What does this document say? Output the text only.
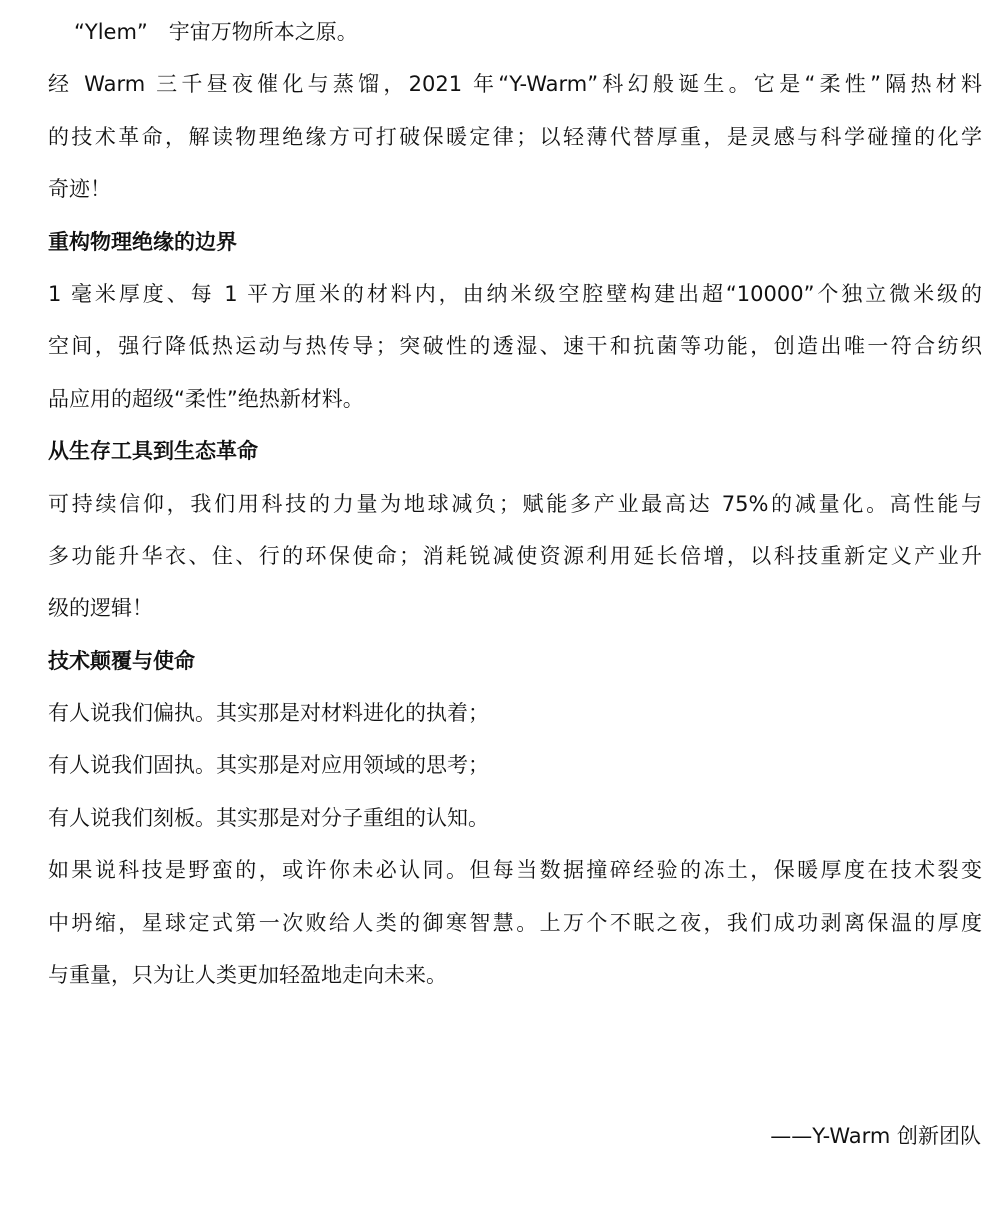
“Ylem”　宇宙万物所本之原。

经 Warm 三千昼夜催化与蒸馏，2021 年“Y-Warm”科幻般诞生。它是“柔性”隔热材料

的技术革命，解读物理绝缘方可打破保暖定律；以轻薄代替厚重，是灵感与科学碰撞的化学

奇迹！

重构物理绝缘的边界

1 毫米厚度、每 1 平方厘米的材料内，由纳米级空腔壁构建出超“10000”个独立微米级的

空间，强行降低热运动与热传导；突破性的透湿、速干和抗菌等功能，创造出唯一符合纺织

品应用的超级“柔性”绝热新材料。

从生存工具到生态革命

可持续信仰，我们用科技的力量为地球减负；赋能多产业最高达 75%的减量化。高性能与

多功能升华衣、住、行的环保使命；消耗锐减使资源利用延长倍增，以科技重新定义产业升

级的逻辑！

技术颠覆与使命

有人说我们偏执。其实那是对材料进化的执着；

有人说我们固执。其实那是对应用领域的思考；

有人说我们刻板。其实那是对分子重组的认知。

如果说科技是野蛮的，或许你未必认同。但每当数据撞碎经验的冻土，保暖厚度在技术裂变

中坍缩，星球定式第一次败给人类的御寒智慧。上万个不眠之夜，我们成功剥离保温的厚度

与重量，只为让人类更加轻盈地走向未来。

——Y-Warm 创新团队
